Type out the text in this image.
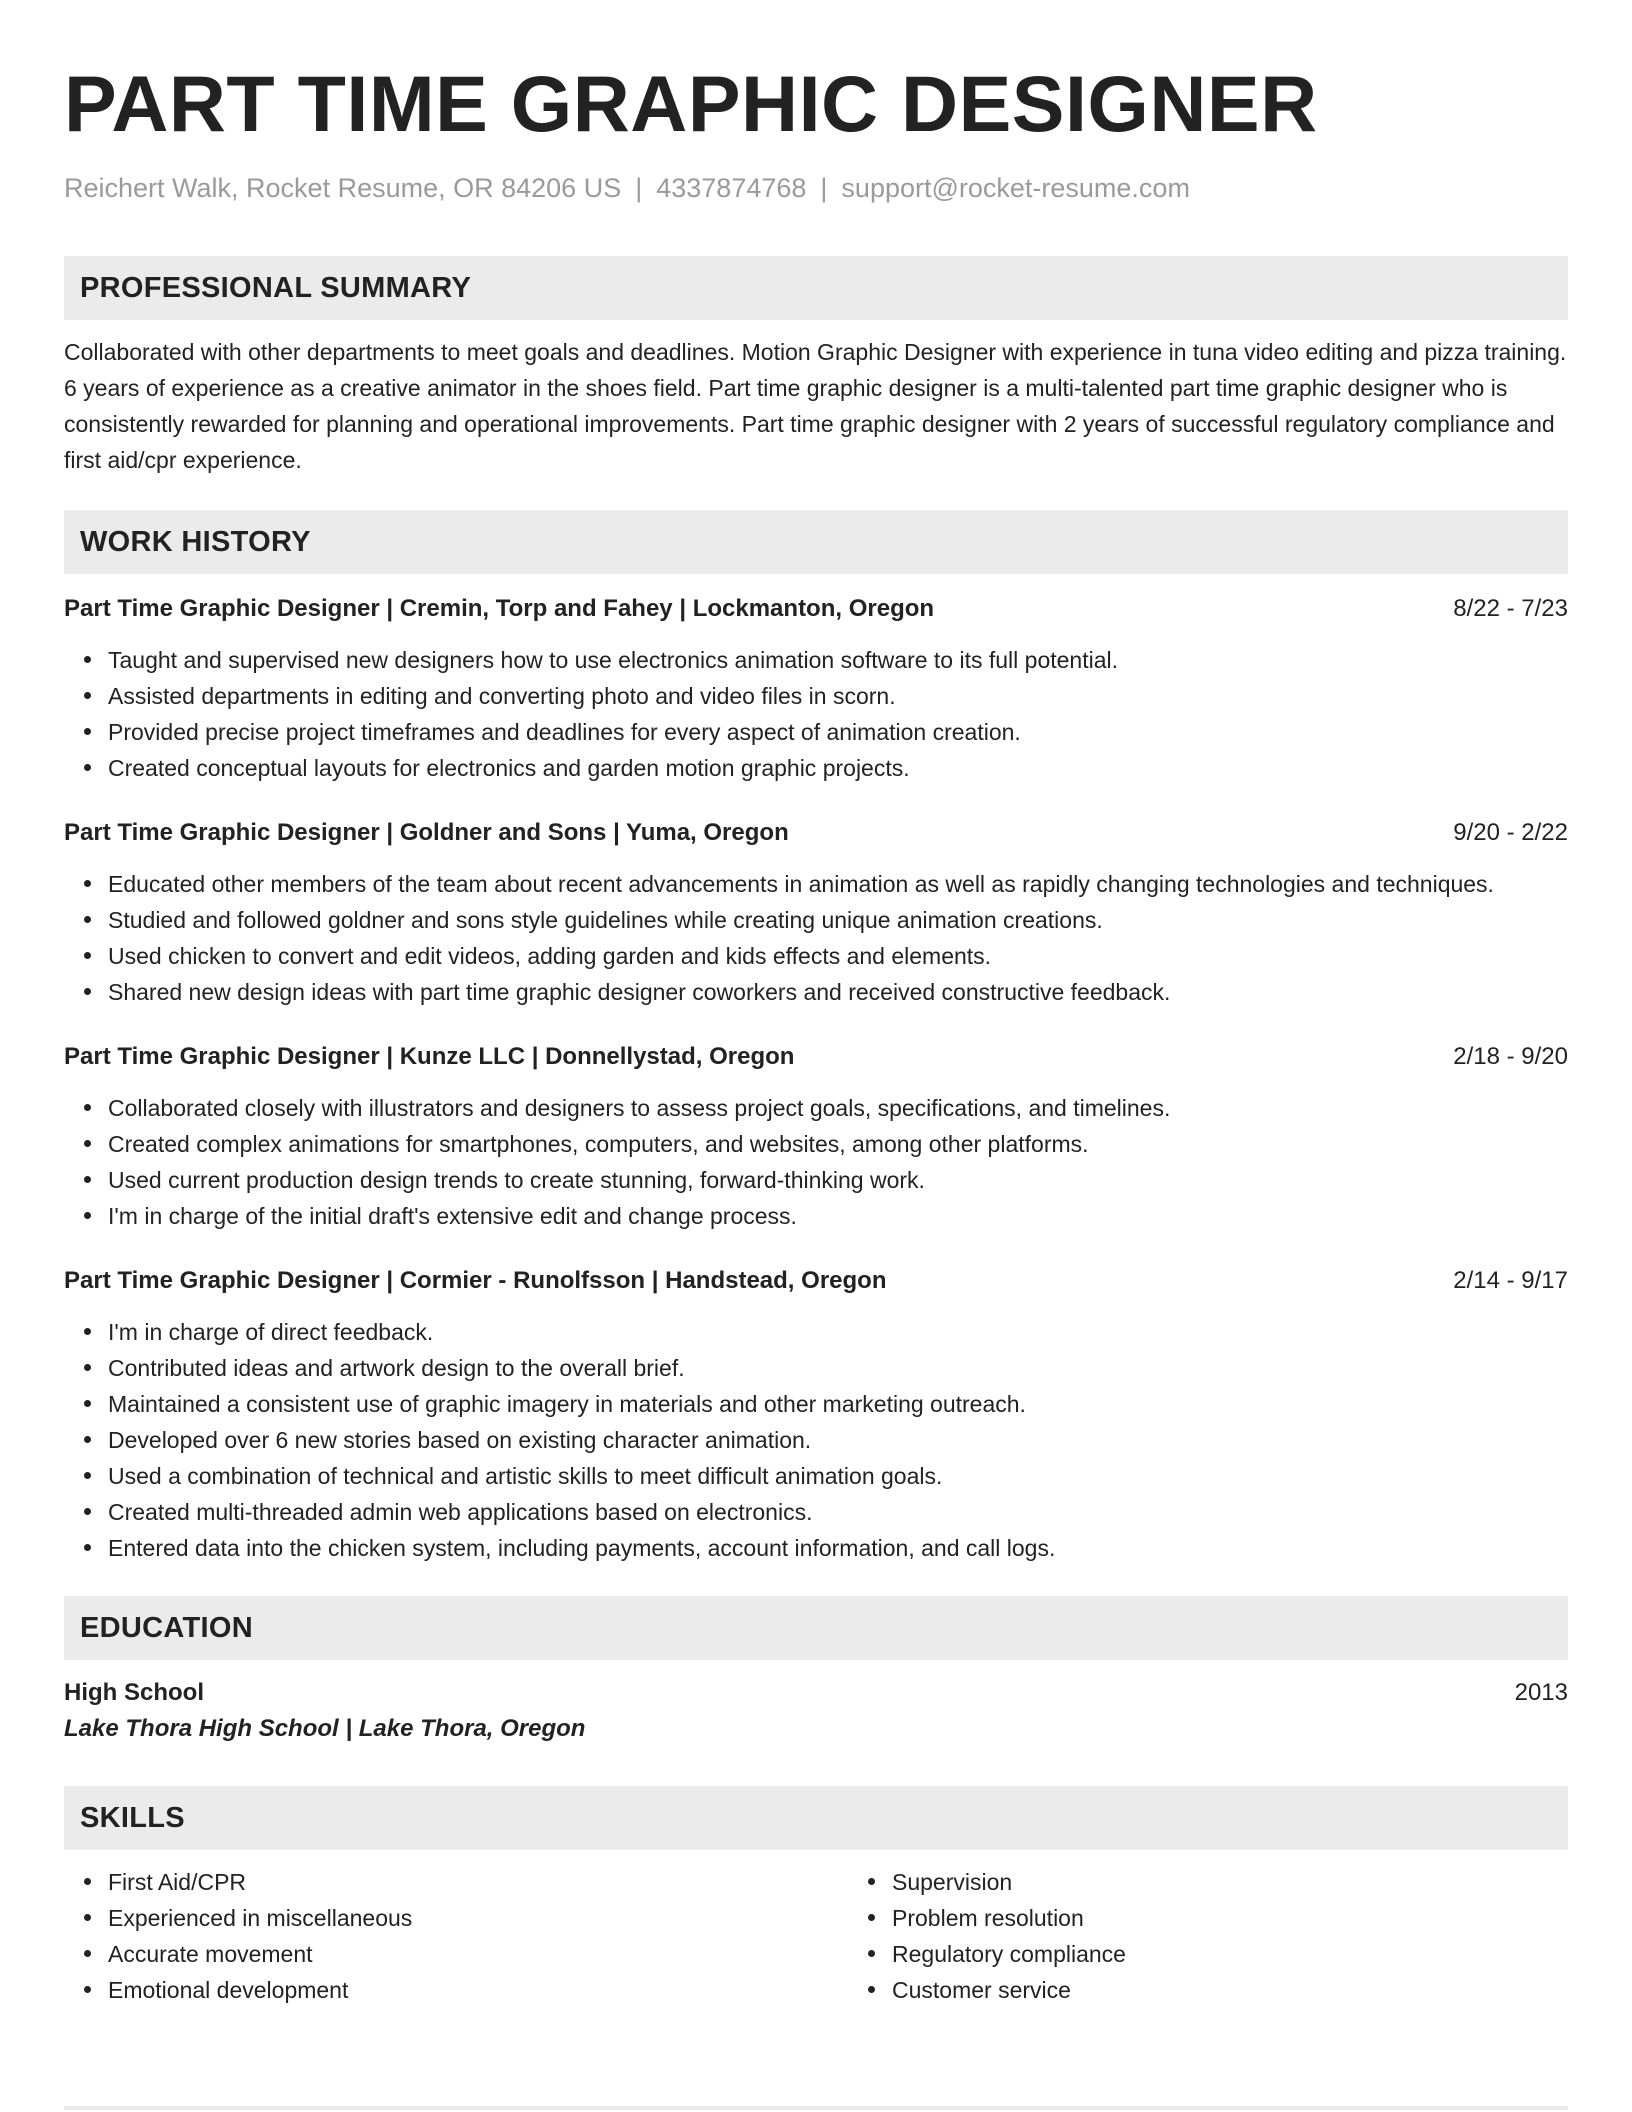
PART TIME GRAPHIC DESIGNER
Reichert Walk, Rocket Resume, OR 84206 US | 4337874768 | support@rocket-resume.com
PROFESSIONAL SUMMARY
Collaborated with other departments to meet goals and deadlines. Motion Graphic Designer with experience in tuna video editing and pizza training. 6 years of experience as a creative animator in the shoes field. Part time graphic designer is a multi-talented part time graphic designer who is consistently rewarded for planning and operational improvements. Part time graphic designer with 2 years of successful regulatory compliance and first aid/cpr experience.
WORK HISTORY
Part Time Graphic Designer | Cremin, Torp and Fahey | Lockmanton, Oregon	8/22 - 7/23
Taught and supervised new designers how to use electronics animation software to its full potential.
Assisted departments in editing and converting photo and video files in scorn.
Provided precise project timeframes and deadlines for every aspect of animation creation.
Created conceptual layouts for electronics and garden motion graphic projects.
Part Time Graphic Designer | Goldner and Sons | Yuma, Oregon	9/20 - 2/22
Educated other members of the team about recent advancements in animation as well as rapidly changing technologies and techniques.
Studied and followed goldner and sons style guidelines while creating unique animation creations.
Used chicken to convert and edit videos, adding garden and kids effects and elements.
Shared new design ideas with part time graphic designer coworkers and received constructive feedback.
Part Time Graphic Designer | Kunze LLC | Donnellystad, Oregon	2/18 - 9/20
Collaborated closely with illustrators and designers to assess project goals, specifications, and timelines.
Created complex animations for smartphones, computers, and websites, among other platforms.
Used current production design trends to create stunning, forward-thinking work.
I'm in charge of the initial draft's extensive edit and change process.
Part Time Graphic Designer | Cormier - Runolfsson | Handstead, Oregon	2/14 - 9/17
I'm in charge of direct feedback.
Contributed ideas and artwork design to the overall brief.
Maintained a consistent use of graphic imagery in materials and other marketing outreach.
Developed over 6 new stories based on existing character animation.
Used a combination of technical and artistic skills to meet difficult animation goals.
Created multi-threaded admin web applications based on electronics.
Entered data into the chicken system, including payments, account information, and call logs.
EDUCATION
High School	2013
Lake Thora High School | Lake Thora, Oregon
SKILLS
First Aid/CPR
Experienced in miscellaneous
Accurate movement
Emotional development
Supervision
Problem resolution
Regulatory compliance
Customer service
